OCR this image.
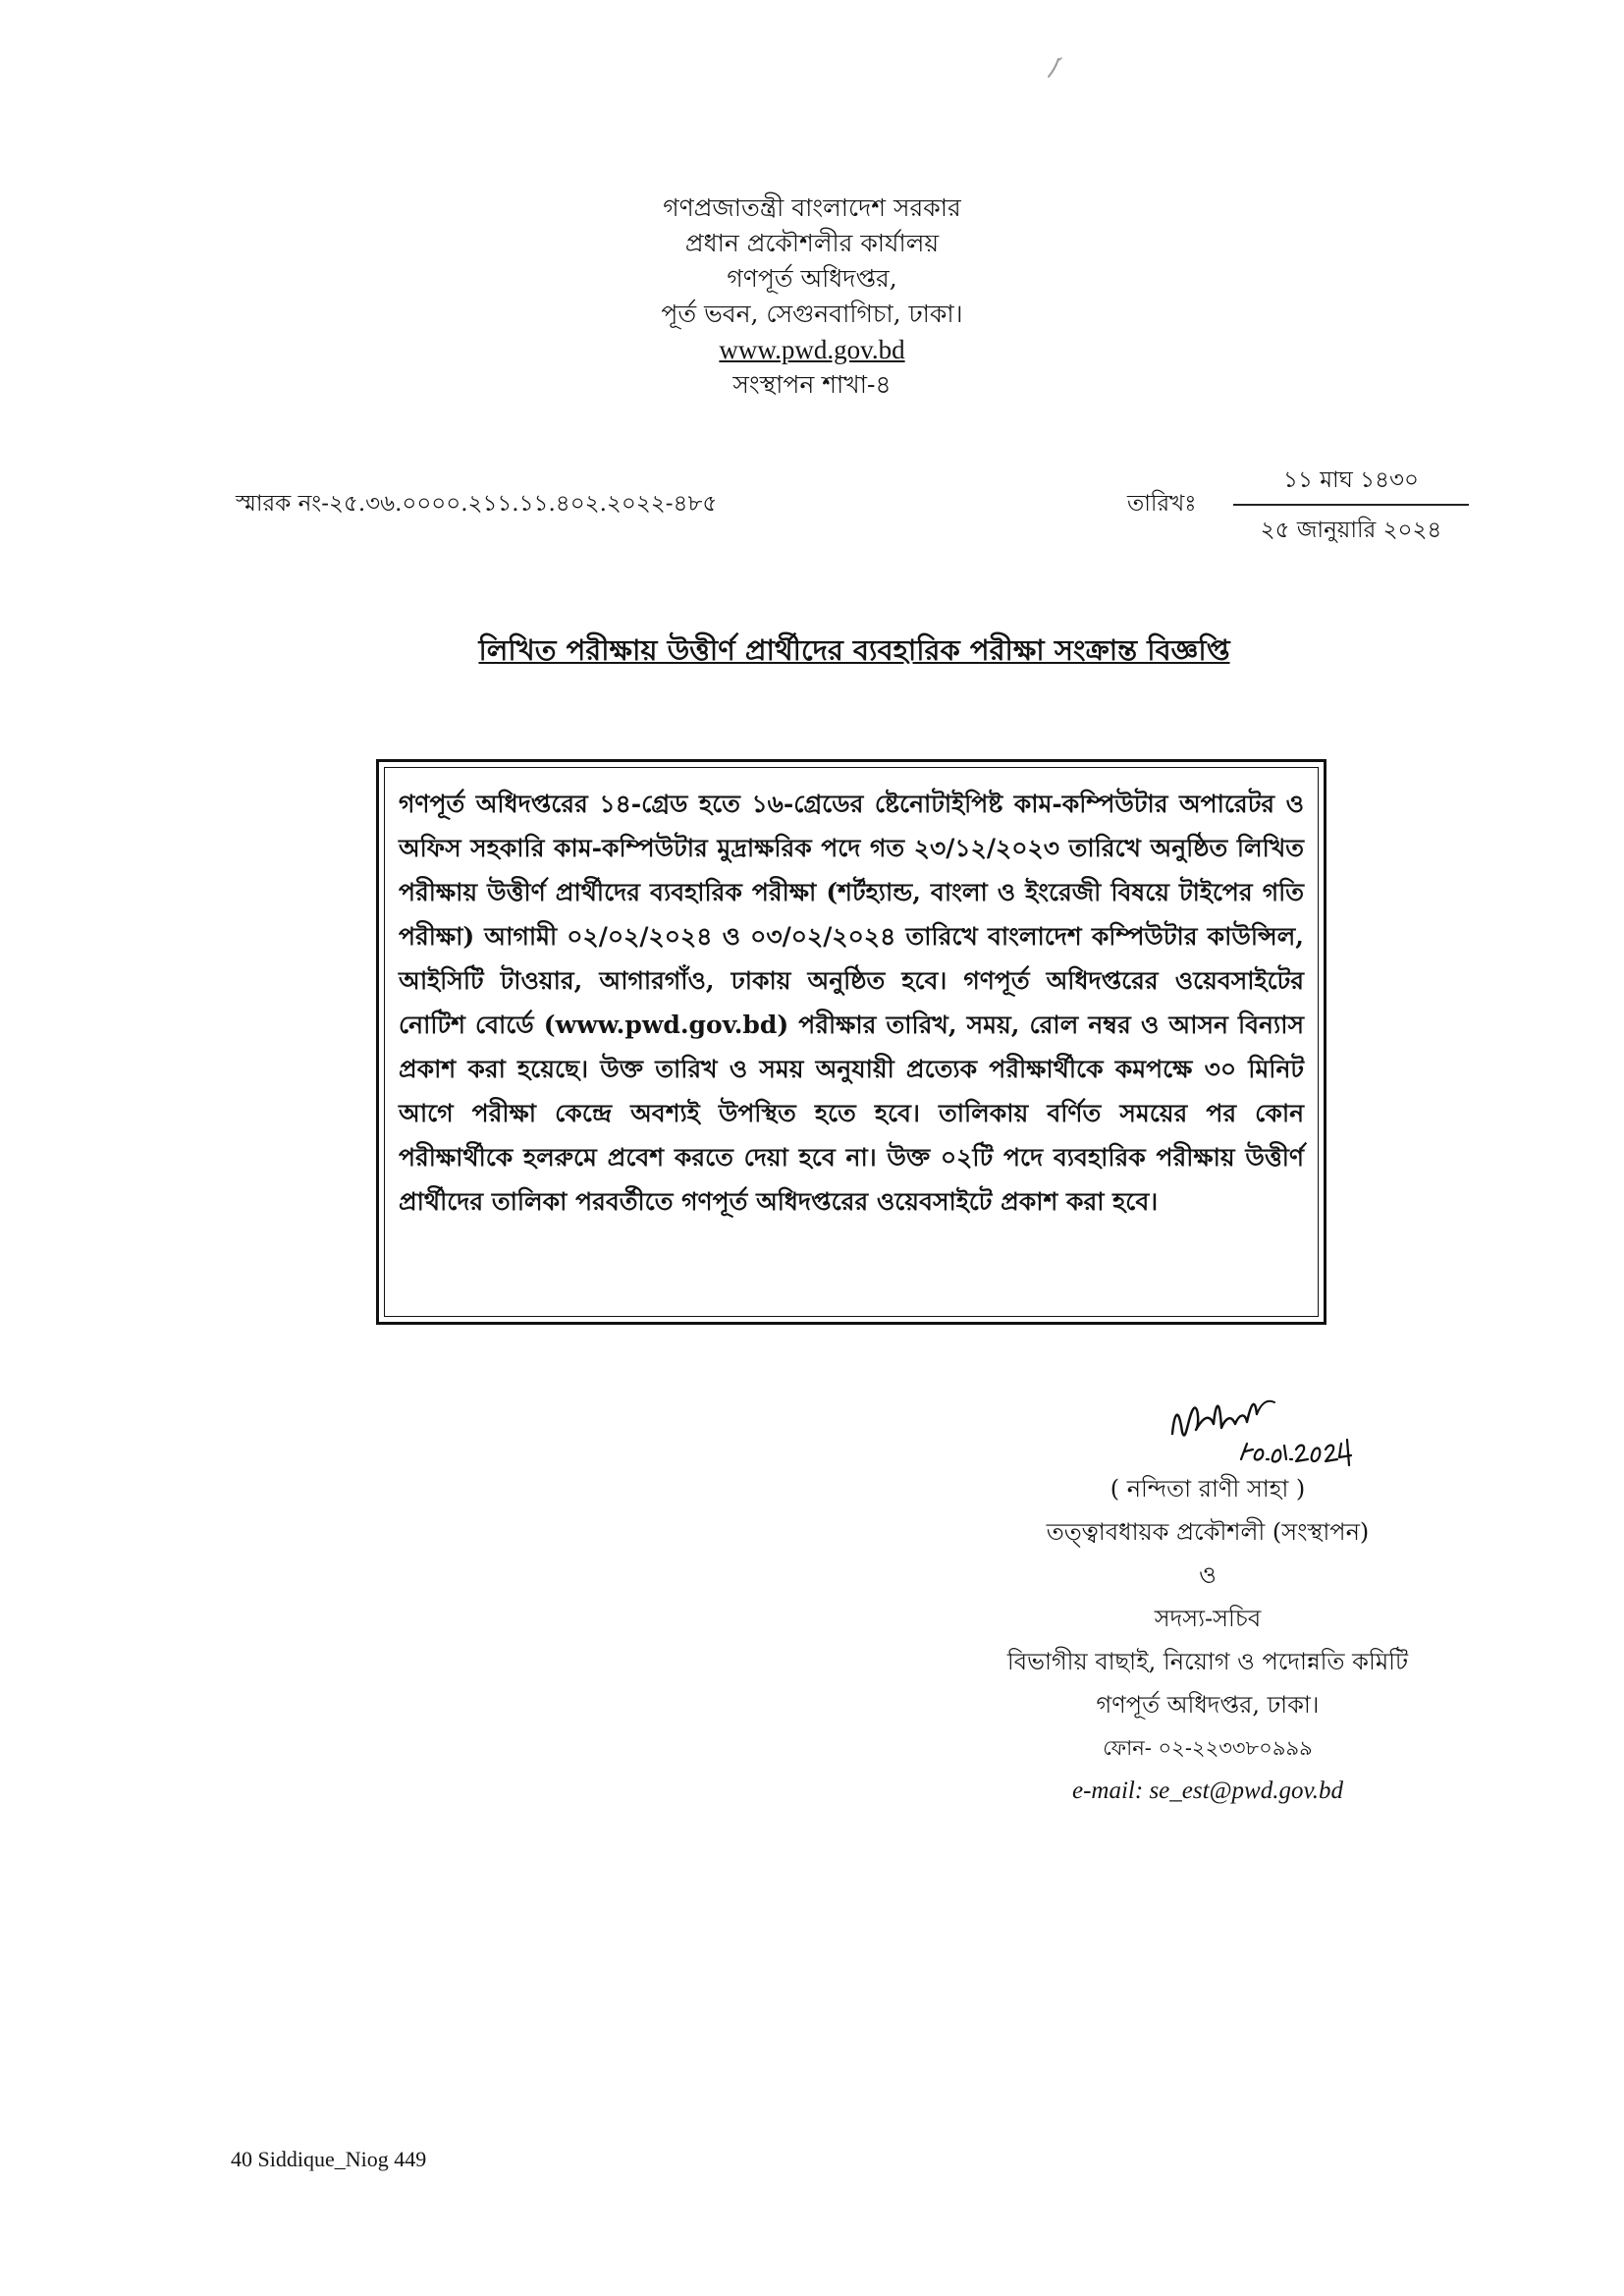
গণপ্রজাতন্ত্রী বাংলাদেশ সরকার
প্রধান প্রকৌশলীর কার্যালয়
গণপূর্ত অধিদপ্তর,
পূর্ত ভবন, সেগুনবাগিচা, ঢাকা।
www.pwd.gov.bd
সংস্থাপন শাখা-৪
স্মারক নং-২৫.৩৬.০০০০.২১১.১১.৪০২.২০২২-৪৮৫	তারিখঃ
১১ মাঘ ১৪৩০
২৫ জানুয়ারি ২০২৪
লিখিত পরীক্ষায় উত্তীর্ণ প্রার্থীদের ব্যবহারিক পরীক্ষা সংক্রান্ত বিজ্ঞপ্তি
গণপূর্ত অধিদপ্তরের ১৪-গ্রেড হতে ১৬-গ্রেডের ষ্টেনোটাইপিষ্ট কাম-কম্পিউটার অপারেটর ও অফিস সহকারি কাম-কম্পিউটার মুদ্রাক্ষরিক পদে গত ২৩/১২/২০২৩ তারিখে অনুষ্ঠিত লিখিত পরীক্ষায় উত্তীর্ণ প্রার্থীদের ব্যবহারিক পরীক্ষা (শর্টহ্যান্ড, বাংলা ও ইংরেজী বিষয়ে টাইপের গতি পরীক্ষা) আগামী ০২/০২/২০২৪ ও ০৩/০২/২০২৪ তারিখে বাংলাদেশ কম্পিউটার কাউন্সিল, আইসিটি টাওয়ার, আগারগাঁও, ঢাকায় অনুষ্ঠিত হবে। গণপূর্ত অধিদপ্তরের ওয়েবসাইটের নোটিশ বোর্ডে (www.pwd.gov.bd) পরীক্ষার তারিখ, সময়, রোল নম্বর ও আসন বিন্যাস প্রকাশ করা হয়েছে। উক্ত তারিখ ও সময় অনুযায়ী প্রত্যেক পরীক্ষার্থীকে কমপক্ষে ৩০ মিনিট আগে পরীক্ষা কেন্দ্রে অবশ্যই উপস্থিত হতে হবে। তালিকায় বর্ণিত সময়ের পর কোন পরীক্ষার্থীকে হলরুমে প্রবেশ করতে দেয়া হবে না। উক্ত ০২টি পদে ব্যবহারিক পরীক্ষায় উত্তীর্ণ প্রার্থীদের তালিকা পরবর্তীতে গণপূর্ত অধিদপ্তরের ওয়েবসাইটে প্রকাশ করা হবে।
( নন্দিতা রাণী সাহা )
তত্ত্বাবধায়ক প্রকৌশলী (সংস্থাপন)
ও
সদস্য-সচিব
বিভাগীয় বাছাই, নিয়োগ ও পদোন্নতি কমিটি
গণপূর্ত অধিদপ্তর, ঢাকা।
ফোন- ০২-২২৩৩৮০৯৯৯
e-mail: se_est@pwd.gov.bd
40 Siddique_Niog 449
